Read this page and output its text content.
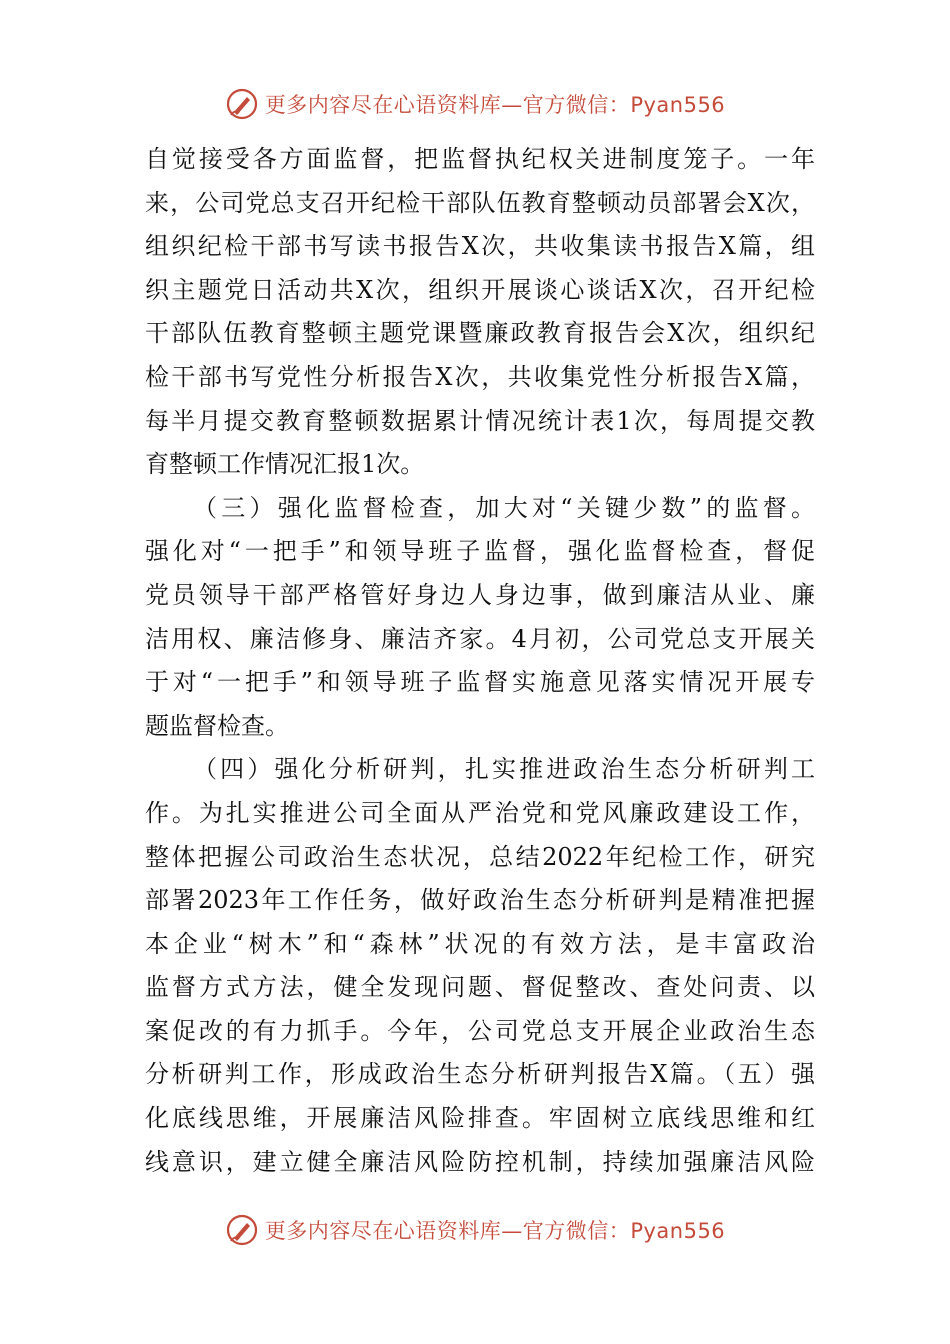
更多内容尽在心语资料库—官方微信：Pyan556
自觉接受各方面监督，把监督执纪权关进制度笼子。一年
来，公司党总支召开纪检干部队伍教育整顿动员部署会X次，
组织纪检干部书写读书报告X次，共收集读书报告X篇，组
织主题党日活动共X次，组织开展谈心谈话X次，召开纪检
干部队伍教育整顿主题党课暨廉政教育报告会X次，组织纪
检干部书写党性分析报告X次，共收集党性分析报告X篇，
每半月提交教育整顿数据累计情况统计表1次，每周提交教
育整顿工作情况汇报1次。
（三）强化监督检查，加大对“关键少数”的监督。
强化对“一把手”和领导班子监督，强化监督检查，督促
党员领导干部严格管好身边人身边事，做到廉洁从业、廉
洁用权、廉洁修身、廉洁齐家。4月初，公司党总支开展关
于对“一把手”和领导班子监督实施意见落实情况开展专
题监督检查。
（四）强化分析研判，扎实推进政治生态分析研判工
作。为扎实推进公司全面从严治党和党风廉政建设工作，
整体把握公司政治生态状况，总结2022年纪检工作，研究
部署2023年工作任务，做好政治生态分析研判是精准把握
本企业“树木”和“森林”状况的有效方法，是丰富政治
监督方式方法，健全发现问题、督促整改、查处问责、以
案促改的有力抓手。今年，公司党总支开展企业政治生态
分析研判工作，形成政治生态分析研判报告X篇。（五）强
化底线思维，开展廉洁风险排查。牢固树立底线思维和红
线意识，建立健全廉洁风险防控机制，持续加强廉洁风险
更多内容尽在心语资料库—官方微信：Pyan556
